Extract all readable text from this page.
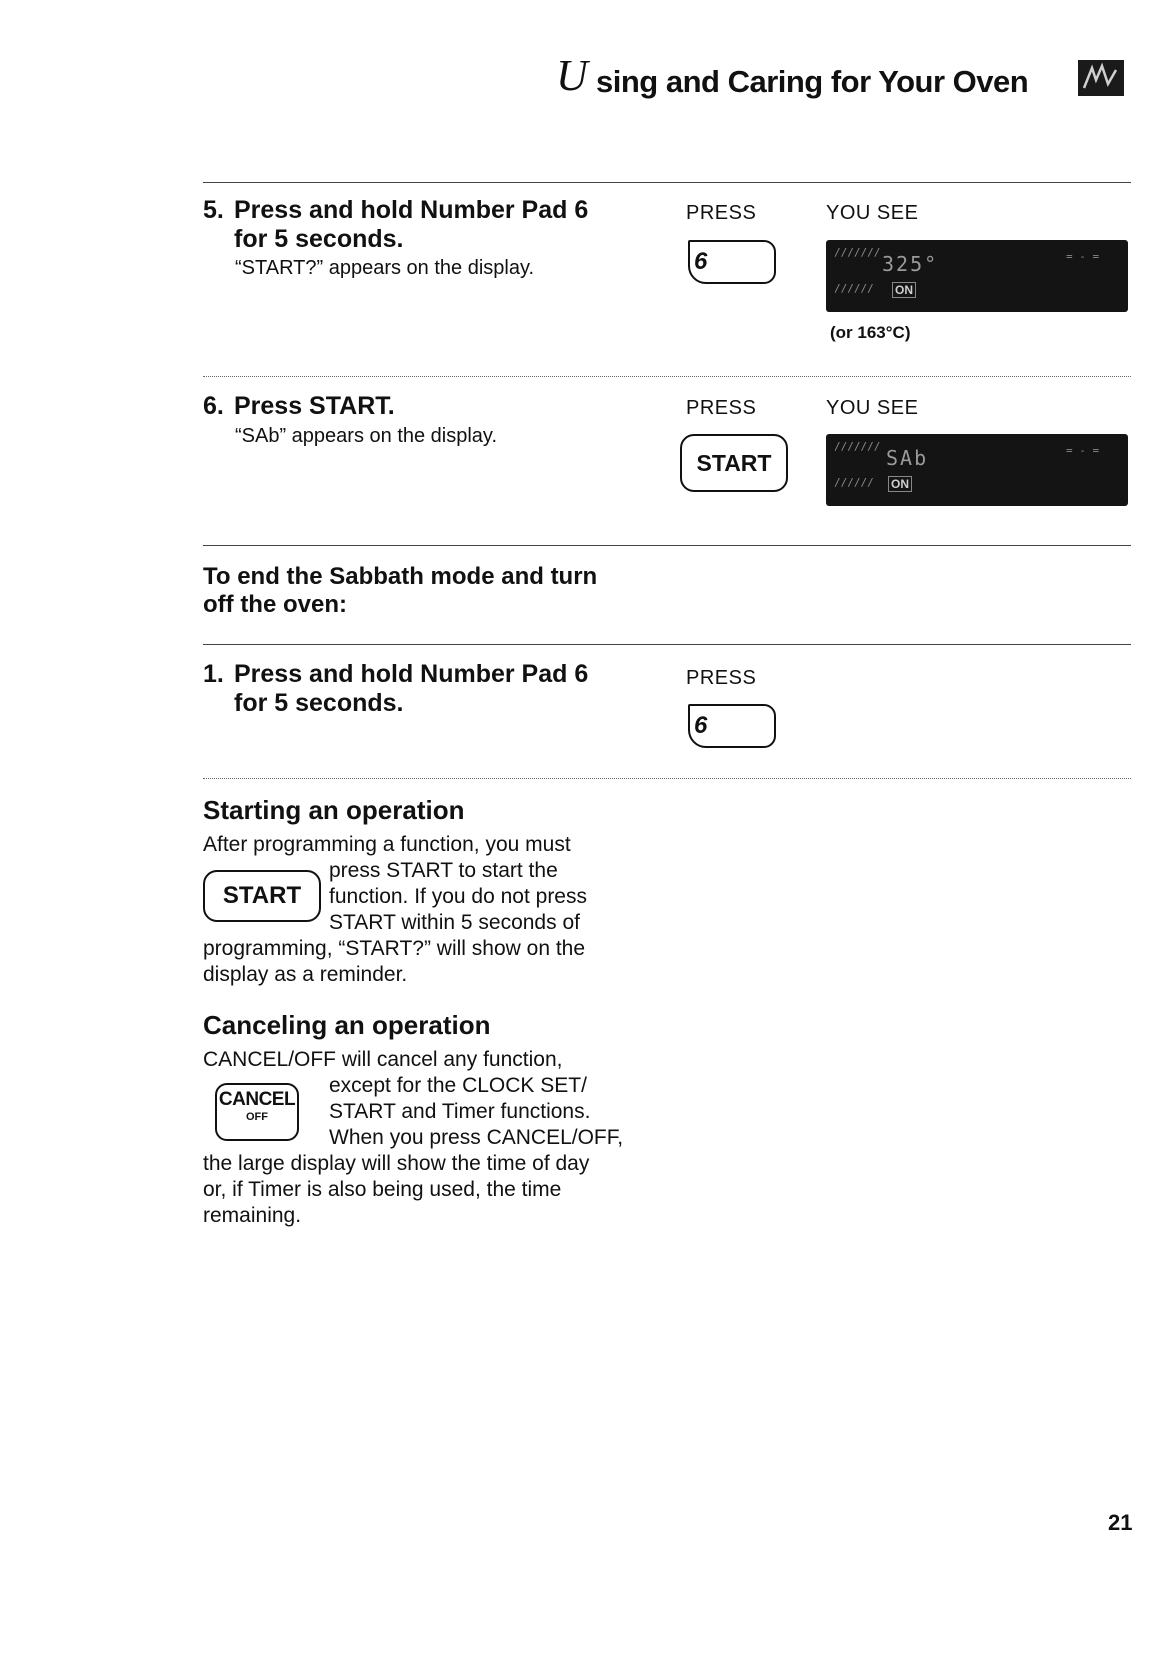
U sing and Caring for Your Oven
5. Press and hold Number Pad 6
for 5 seconds.
“START?” appears on the display.
PRESS	YOU SEE
6	/////// 325°
////// ON
= - =
(or 163°C)
6. Press START.
“SAb” appears on the display.
PRESS	YOU SEE
START
/////// SAb
////// ON
= - =
To end the Sabbath mode and turn
off the oven:
1. Press and hold Number Pad 6
for 5 seconds.
PRESS
6
Starting an operation
After programming a function, you must
press START to start the
function. If you do not press
START within 5 seconds of
programming, “START?” will show on the
display as a reminder.
START
Canceling an operation
CANCEL/OFF will cancel any function,
except for the CLOCK SET/
START and Timer functions.
When you press CANCEL/OFF,
the large display will show the time of day
or, if Timer is also being used, the time
remaining.
CANCEL
OFF
21
